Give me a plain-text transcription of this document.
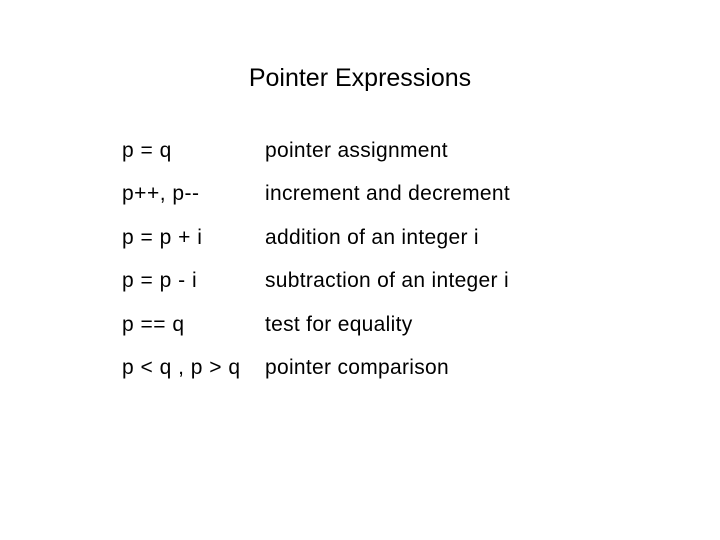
Pointer Expressions
p = q	pointer assignment
p++, p--	increment and decrement
p = p + i	addition of an integer i
p = p - i	subtraction of an integer i
p == q	test for equality
p < q , p > q	pointer comparison
